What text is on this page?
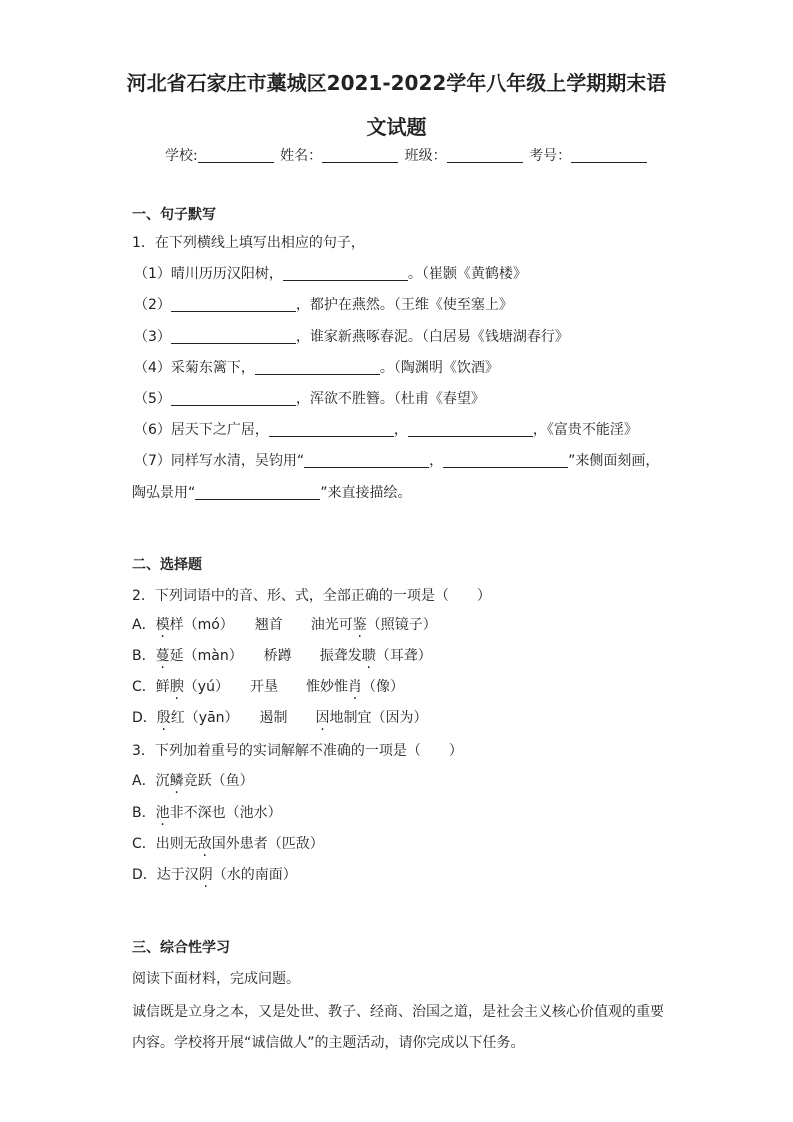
河北省石家庄市藁城区2021-2022学年八年级上学期期末语
文试题
学校:	姓名：	班级：	考号：
一、句子默写
1．在下列横线上填写出相应的句子，
（1）晴川历历汉阳树，	。（崔颢《黄鹤楼》
（2）	，都护在燕然。（王维《使至塞上》
（3）	，谁家新燕啄春泥。（白居易《钱塘湖春行》
（4）采菊东篱下，	。（陶渊明《饮酒》
（5）	，浑欲不胜簪。（杜甫《春望》
（6）居天下之广居，	，	，《富贵不能淫》
（7）同样写水清，吴钧用“	，	”来侧面刻画，
陶弘景用“	”来直接描绘。
二、选择题
2．下列词语中的音、形、式，全部正确的一项是（　　）
A．模样（mó）　　翘首　　油光可鉴（照镜子）
B．蔓延（màn）　　桥蹲　　振聋发聩（耳聋）
C．鲜腴（yú）　　开垦　　惟妙惟肖（像）
D．殷红（yān）　　遏制　　因地制宜（因为）
3．下列加着重号的实词解解不准确的一项是（　　）
A．沉鳞竞跃（鱼）
B．池非不深也（池水）
C．出则无敌国外患者（匹敌）
D．达于汉阴（水的南面）
三、综合性学习
阅读下面材料，完成问题。
诚信既是立身之本，又是处世、教子、经商、治国之道，是社会主义核心价值观的重要
内容。学校将开展“诚信做人”的主题活动，请你完成以下任务。
